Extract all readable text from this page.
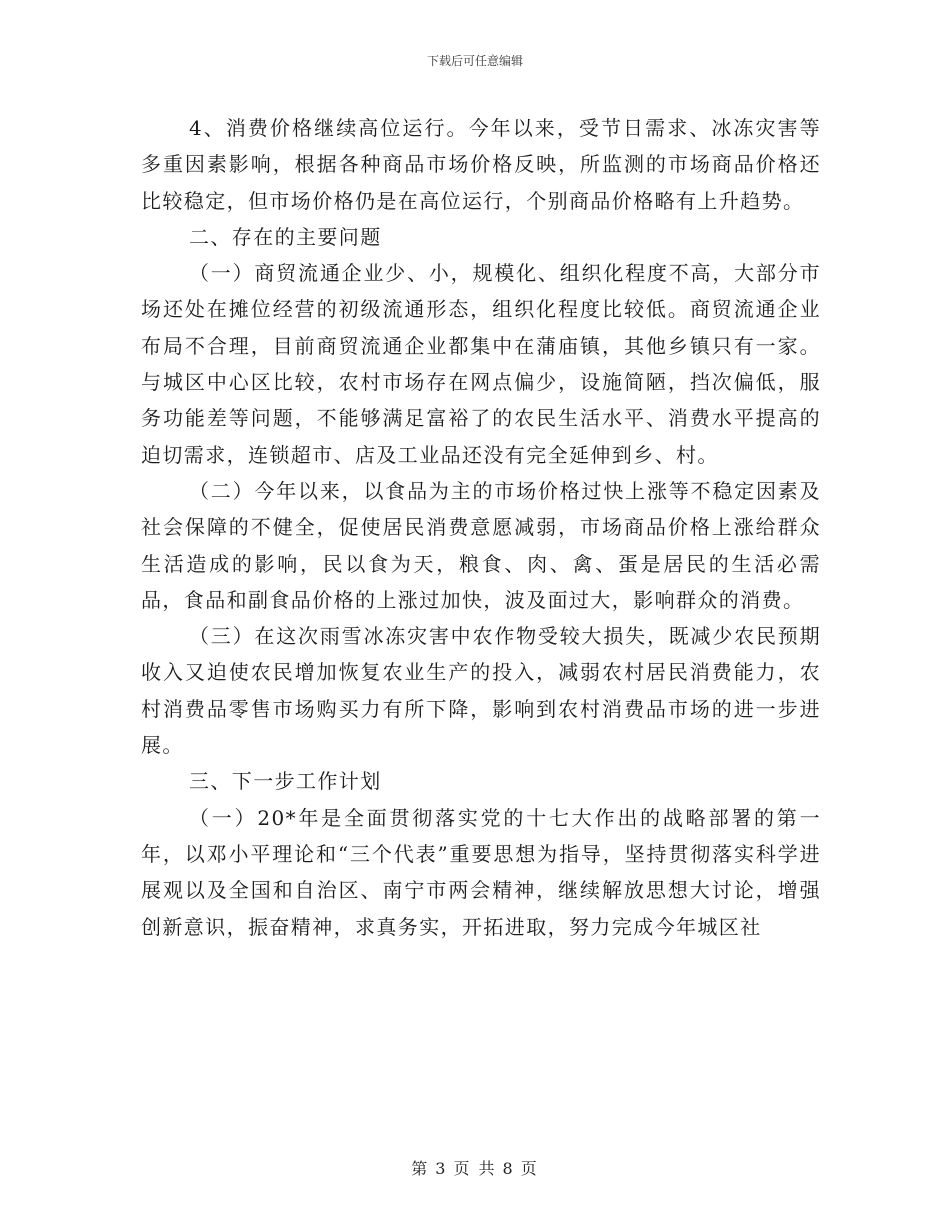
下载后可任意编辑

4、消费价格继续高位运行。今年以来，受节日需求、冰冻灾害等多重因素影响，根据各种商品市场价格反映，所监测的市场商品价格还比较稳定，但市场价格仍是在高位运行，个别商品价格略有上升趋势。

二、存在的主要问题

（一）商贸流通企业少、小，规模化、组织化程度不高，大部分市场还处在摊位经营的初级流通形态，组织化程度比较低。商贸流通企业布局不合理，目前商贸流通企业都集中在蒲庙镇，其他乡镇只有一家。与城区中心区比较，农村市场存在网点偏少，设施简陋，挡次偏低，服务功能差等问题，不能够满足富裕了的农民生活水平、消费水平提高的迫切需求，连锁超市、店及工业品还没有完全延伸到乡、村。

（二）今年以来，以食品为主的市场价格过快上涨等不稳定因素及社会保障的不健全，促使居民消费意愿减弱，市场商品价格上涨给群众生活造成的影响，民以食为天，粮食、肉、禽、蛋是居民的生活必需品，食品和副食品价格的上涨过加快，波及面过大，影响群众的消费。

（三）在这次雨雪冰冻灾害中农作物受较大损失，既减少农民预期收入又迫使农民增加恢复农业生产的投入，减弱农村居民消费能力，农村消费品零售市场购买力有所下降，影响到农村消费品市场的进一步进展。

三、下一步工作计划

（一）20*年是全面贯彻落实党的十七大作出的战略部署的第一年，以邓小平理论和“三个代表”重要思想为指导，坚持贯彻落实科学进展观以及全国和自治区、南宁市两会精神，继续解放思想大讨论，增强创新意识，振奋精神，求真务实，开拓进取，努力完成今年城区社

第 3 页 共 8 页
